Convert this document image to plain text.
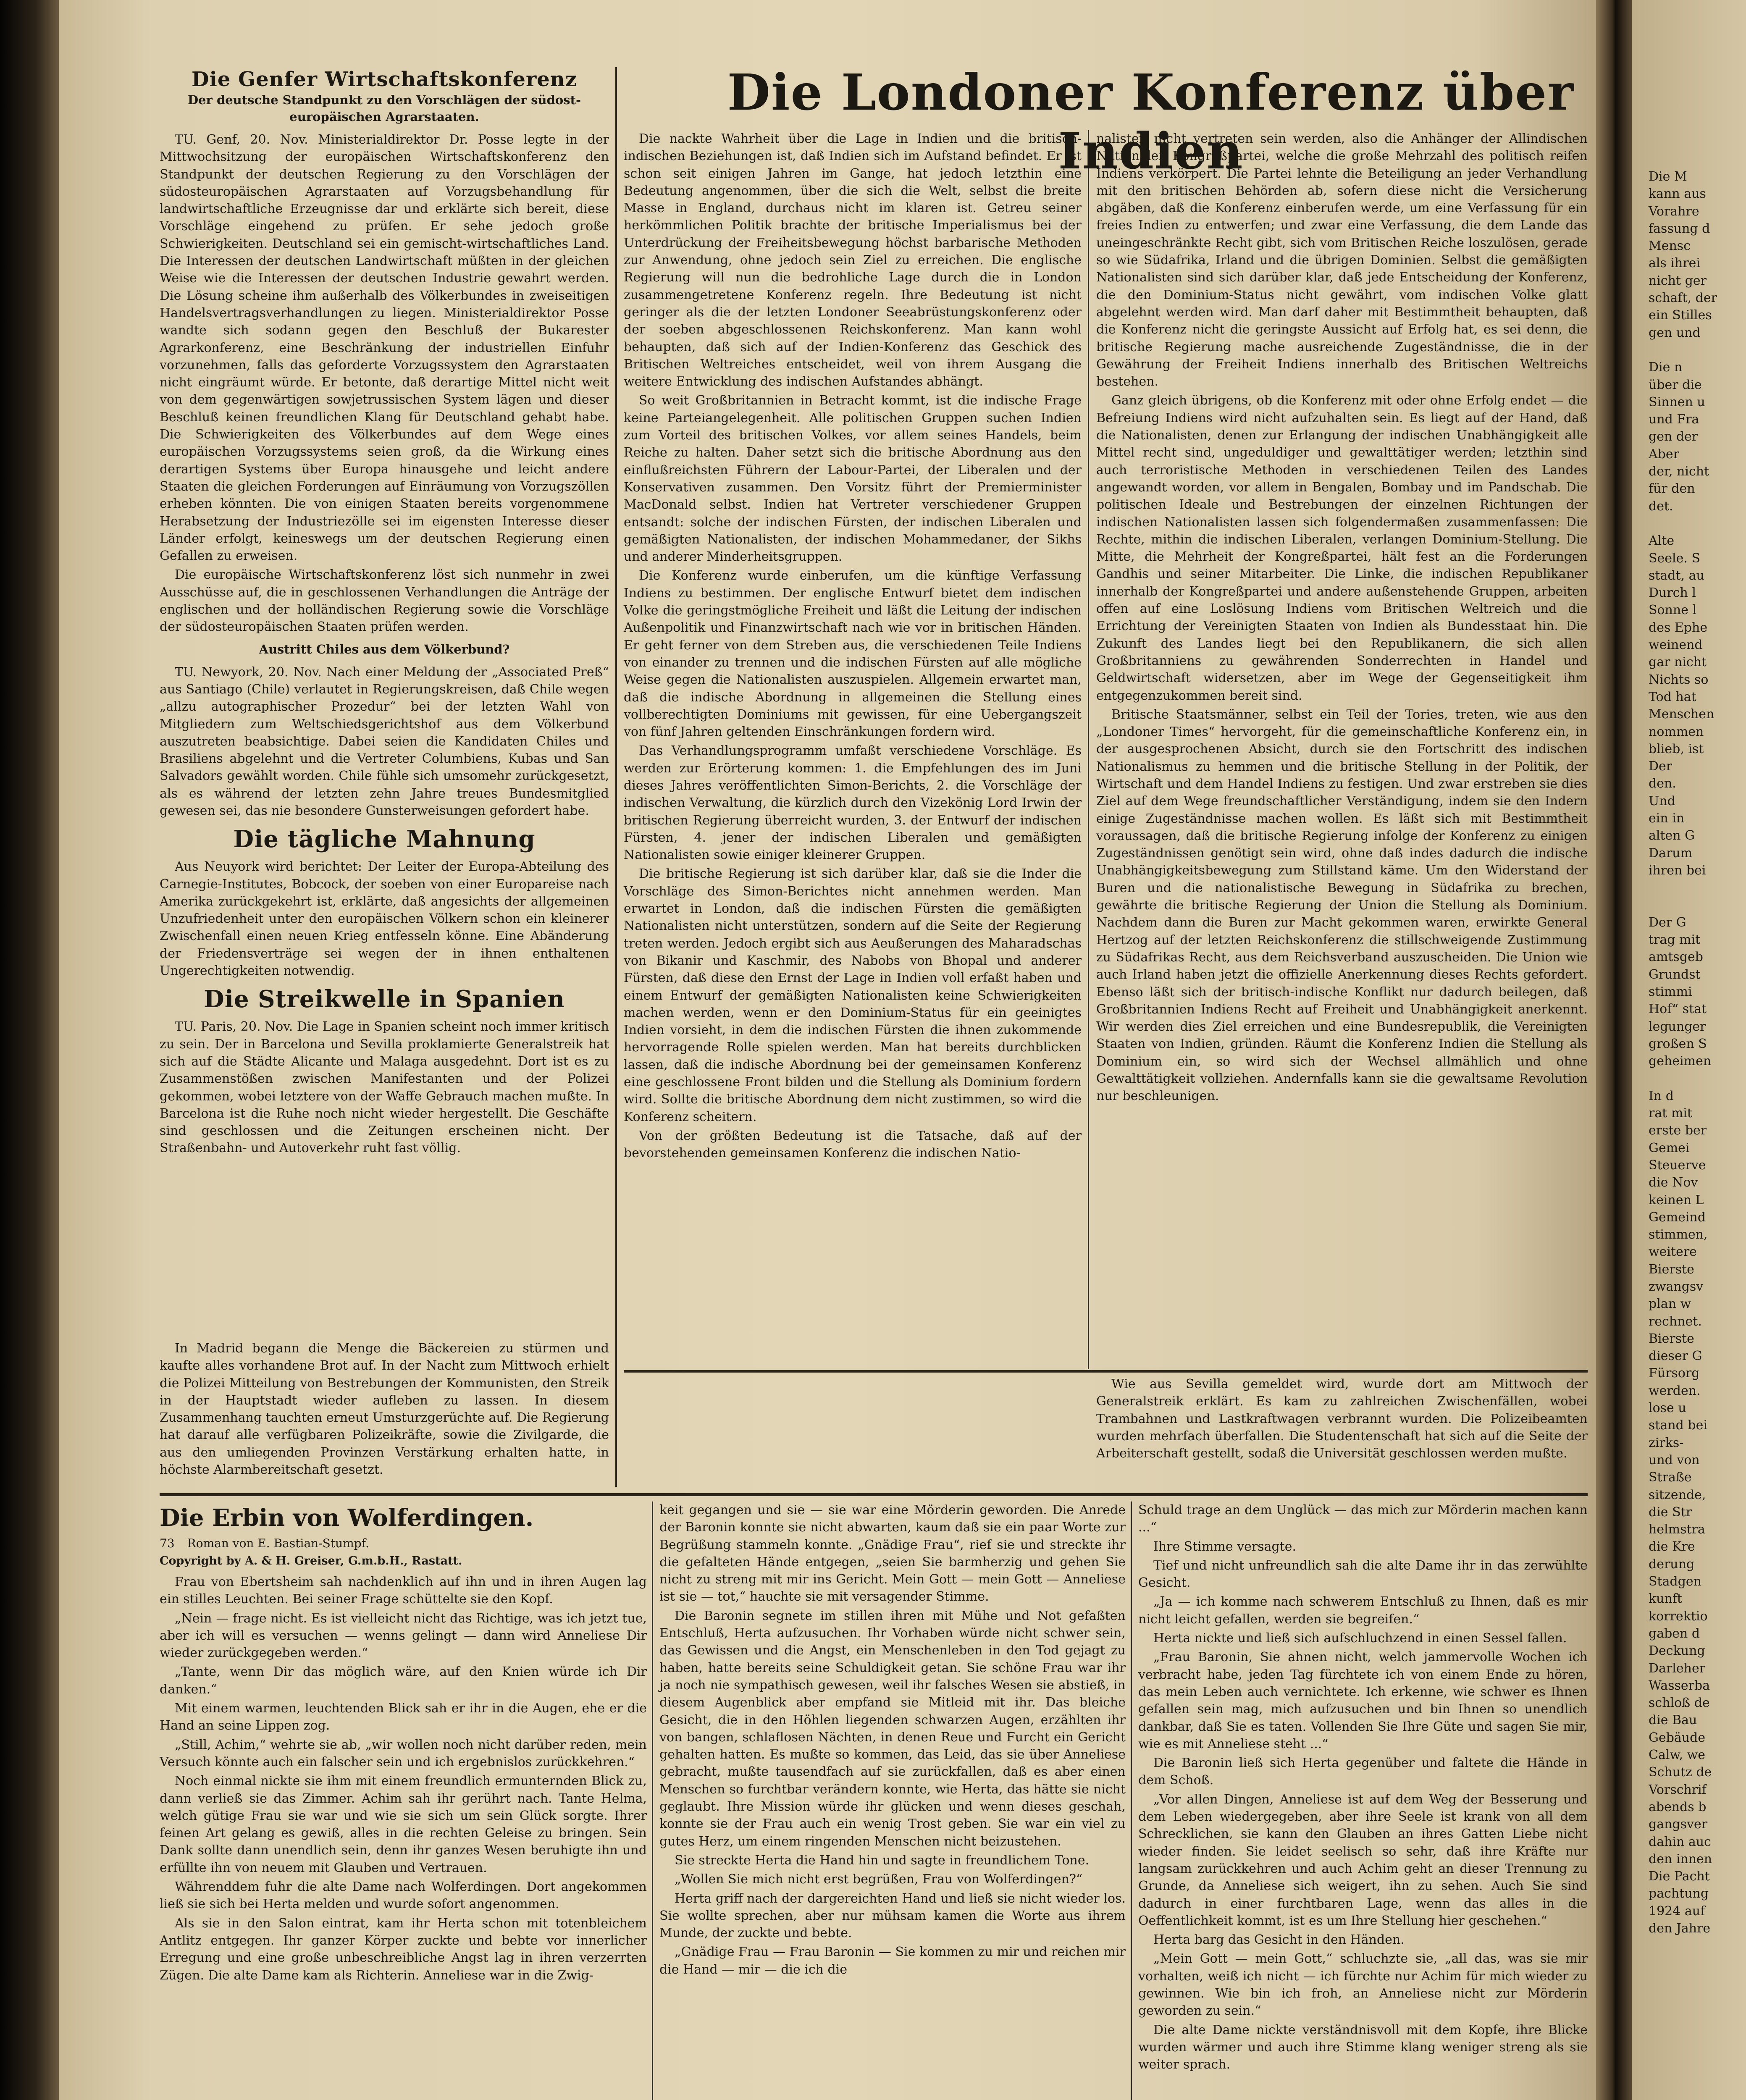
Die Genfer Wirtschaftskonferenz
Der deutsche Standpunkt zu den Vorschlägen der südost-europäischen Agrarstaaten.

TU. Genf, 20. Nov. Ministerialdirektor Dr. Posse legte in der Mittwochsitzung der europäischen Wirtschaftskonferenz den Standpunkt der deutschen Regierung zu den Vorschlägen der südosteuropäischen Agrarstaaten auf Vorzugsbehandlung für landwirtschaftliche Erzeugnisse dar und erklärte sich bereit, diese Vorschläge eingehend zu prüfen. Er sehe jedoch große Schwierigkeiten. Deutschland sei ein gemischt-wirtschaftliches Land. Die Interessen der deutschen Landwirtschaft müßten in der gleichen Weise wie die Interessen der deutschen Industrie gewahrt werden. Die Lösung scheine ihm außerhalb des Völkerbundes in zweiseitigen Handelsvertragsverhandlungen zu liegen. Ministerialdirektor Posse wandte sich sodann gegen den Beschluß der Bukarester Agrarkonferenz, eine Beschränkung der industriellen Einfuhr vorzunehmen, falls das geforderte Vorzugssystem den Agrarstaaten nicht eingräumt würde. Er betonte, daß derartige Mittel nicht weit von dem gegenwärtigen sowjetrussischen System lägen und dieser Beschluß keinen freundlichen Klang für Deutschland gehabt habe. Die Schwierigkeiten des Völkerbundes auf dem Wege eines europäischen Vorzugssystems seien groß, da die Wirkung eines derartigen Systems über Europa hinausgehe und leicht andere Staaten die gleichen Forderungen auf Einräumung von Vorzugszöllen erheben könnten. Die von einigen Staaten bereits vorgenommene Herabsetzung der Industriezölle sei im eigensten Interesse dieser Länder erfolgt, keineswegs um der deutschen Regierung einen Gefallen zu erweisen.

Die europäische Wirtschaftskonferenz löst sich nunmehr in zwei Ausschüsse auf, die in geschlossenen Verhandlungen die Anträge der englischen und der holländischen Regierung sowie die Vorschläge der südosteuropäischen Staaten prüfen werden.

Austritt Chiles aus dem Völkerbund?

TU. Newyork, 20. Nov. Nach einer Meldung der „Associated Preß“ aus Santiago (Chile) verlautet in Regierungskreisen, daß Chile wegen „allzu autographischer Prozedur“ bei der letzten Wahl von Mitgliedern zum Weltschiedsgerichtshof aus dem Völkerbund auszutreten beabsichtige. Dabei seien die Kandidaten Chiles und Brasiliens abgelehnt und die Vertreter Columbiens, Kubas und San Salvadors gewählt worden. Chile fühle sich umsomehr zurückgesetzt, als es während der letzten zehn Jahre treues Bundesmitglied gewesen sei, das nie besondere Gunsterweisungen gefordert habe.

Die tägliche Mahnung

Aus Neuyork wird berichtet: Der Leiter der Europa-Abteilung des Carnegie-Institutes, Bobcock, der soeben von einer Europareise nach Amerika zurückgekehrt ist, erklärte, daß angesichts der allgemeinen Unzufriedenheit unter den europäischen Völkern schon ein kleinerer Zwischenfall einen neuen Krieg entfesseln könne. Eine Abänderung der Friedensverträge sei wegen der in ihnen enthaltenen Ungerechtigkeiten notwendig.

Die Streikwelle in Spanien

TU. Paris, 20. Nov. Die Lage in Spanien scheint noch immer kritisch zu sein. Der in Barcelona und Sevilla proklamierte Generalstreik hat sich auf die Städte Alicante und Malaga ausgedehnt. Dort ist es zu Zusammenstößen zwischen Manifestanten und der Polizei gekommen, wobei letztere von der Waffe Gebrauch machen mußte. In Barcelona ist die Ruhe noch nicht wieder hergestellt. Die Geschäfte sind geschlossen und die Zeitungen erscheinen nicht. Der Straßenbahn- und Autoverkehr ruht fast völlig.

In Madrid begann die Menge die Bäckereien zu stürmen und kaufte alles vorhandene Brot auf. In der Nacht zum Mittwoch erhielt die Polizei Mitteilung von Bestrebungen der Kommunisten, den Streik in der Hauptstadt wieder aufleben zu lassen. In diesem Zusammenhang tauchten erneut Umsturzgerüchte auf. Die Regierung hat darauf alle verfügbaren Polizeikräfte, sowie die Zivilgarde, die aus den umliegenden Provinzen Verstärkung erhalten hatte, in höchste Alarmbereitschaft gesetzt.

Wie aus Sevilla gemeldet wird, wurde dort am Mittwoch der Generalstreik erklärt. Es kam zu zahlreichen Zwischenfällen, wobei Trambahnen und Lastkraftwagen verbrannt wurden. Die Polizeibeamten wurden mehrfach überfallen. Die Studentenschaft hat sich auf die Seite der Arbeiterschaft gestellt, sodaß die Universität geschlossen werden mußte.

Die Londoner Konferenz über Indien

Die nackte Wahrheit über die Lage in Indien und die britisch-indischen Beziehungen ist, daß Indien sich im Aufstand befindet. Er ist schon seit einigen Jahren im Gange, hat jedoch letzthin eine Bedeutung angenommen, über die sich die Welt, selbst die breite Masse in England, durchaus nicht im klaren ist. Getreu seiner herkömmlichen Politik brachte der britische Imperialismus bei der Unterdrückung der Freiheitsbewegung höchst barbarische Methoden zur Anwendung, ohne jedoch sein Ziel zu erreichen. Die englische Regierung will nun die bedrohliche Lage durch die in London zusammengetretene Konferenz regeln. Ihre Bedeutung ist nicht geringer als die der letzten Londoner Seeabrüstungskonferenz oder der soeben abgeschlossenen Reichskonferenz. Man kann wohl behaupten, daß sich auf der Indien-Konferenz das Geschick des Britischen Weltreiches entscheidet, weil von ihrem Ausgang die weitere Entwicklung des indischen Aufstandes abhängt.

So weit Großbritannien in Betracht kommt, ist die indische Frage keine Parteiangelegenheit. Alle politischen Gruppen suchen Indien zum Vorteil des britischen Volkes, vor allem seines Handels, beim Reiche zu halten. Daher setzt sich die britische Abordnung aus den einflußreichsten Führern der Labour-Partei, der Liberalen und der Konservativen zusammen. Den Vorsitz führt der Premierminister MacDonald selbst. Indien hat Vertreter verschiedener Gruppen entsandt: solche der indischen Fürsten, der indischen Liberalen und gemäßigten Nationalisten, der indischen Mohammedaner, der Sikhs und anderer Minderheitsgruppen.

Die Konferenz wurde einberufen, um die künftige Verfassung Indiens zu bestimmen. Der englische Entwurf bietet dem indischen Volke die geringstmögliche Freiheit und läßt die Leitung der indischen Außenpolitik und Finanzwirtschaft nach wie vor in britischen Händen. Er geht ferner von dem Streben aus, die verschiedenen Teile Indiens von einander zu trennen und die indischen Fürsten auf alle mögliche Weise gegen die Nationalisten auszuspielen. Allgemein erwartet man, daß die indische Abordnung in allgemeinen die Stellung eines vollberechtigten Dominiums mit gewissen, für eine Uebergangszeit von fünf Jahren geltenden Einschränkungen fordern wird.

Das Verhandlungsprogramm umfaßt verschiedene Vorschläge. Es werden zur Erörterung kommen: 1. die Empfehlungen des im Juni dieses Jahres veröffentlichten Simon-Berichts, 2. die Vorschläge der indischen Verwaltung, die kürzlich durch den Vizekönig Lord Irwin der britischen Regierung überreicht wurden, 3. der Entwurf der indischen Fürsten, 4. jener der indischen Liberalen und gemäßigten Nationalisten sowie einiger kleinerer Gruppen.

Die britische Regierung ist sich darüber klar, daß sie die Inder die Vorschläge des Simon-Berichtes nicht annehmen werden. Man erwartet in London, daß die indischen Fürsten die gemäßigten Nationalisten nicht unterstützen, sondern auf die Seite der Regierung treten werden. Jedoch ergibt sich aus Aeußerungen des Maharadschas von Bikanir und Kaschmir, des Nabobs von Bhopal und anderer Fürsten, daß diese den Ernst der Lage in Indien voll erfaßt haben und einem Entwurf der gemäßigten Nationalisten keine Schwierigkeiten machen werden, wenn er den Dominium-Status für ein geeinigtes Indien vorsieht, in dem die indischen Fürsten die ihnen zukommende hervorragende Rolle spielen werden. Man hat bereits durchblicken lassen, daß die indische Abordnung bei der gemeinsamen Konferenz eine geschlossene Front bilden und die Stellung als Dominium fordern wird. Sollte die britische Abordnung dem nicht zustimmen, so wird die Konferenz scheitern.

Von der größten Bedeutung ist die Tatsache, daß auf der bevorstehenden gemeinsamen Konferenz die indischen Natio-

nalisten nicht vertreten sein werden, also die Anhänger der Allindischen Nationalen Kongreßpartei, welche die große Mehrzahl des politisch reifen Indiens verkörpert. Die Partei lehnte die Beteiligung an jeder Verhandlung mit den britischen Behörden ab, sofern diese nicht die Versicherung abgäben, daß die Konferenz einberufen werde, um eine Verfassung für ein freies Indien zu entwerfen; und zwar eine Verfassung, die dem Lande das uneingeschränkte Recht gibt, sich vom Britischen Reiche loszulösen, gerade so wie Südafrika, Irland und die übrigen Dominien. Selbst die gemäßigten Nationalisten sind sich darüber klar, daß jede Entscheidung der Konferenz, die den Dominium-Status nicht gewährt, vom indischen Volke glatt abgelehnt werden wird. Man darf daher mit Bestimmtheit behaupten, daß die Konferenz nicht die geringste Aussicht auf Erfolg hat, es sei denn, die britische Regierung mache ausreichende Zugeständnisse, die in der Gewährung der Freiheit Indiens innerhalb des Britischen Weltreichs bestehen.

Ganz gleich übrigens, ob die Konferenz mit oder ohne Erfolg endet — die Befreiung Indiens wird nicht aufzuhalten sein. Es liegt auf der Hand, daß die Nationalisten, denen zur Erlangung der indischen Unabhängigkeit alle Mittel recht sind, ungeduldiger und gewalttätiger werden; letzthin sind auch terroristische Methoden in verschiedenen Teilen des Landes angewandt worden, vor allem in Bengalen, Bombay und im Pandschab. Die politischen Ideale und Bestrebungen der einzelnen Richtungen der indischen Nationalisten lassen sich folgendermaßen zusammenfassen: Die Rechte, mithin die indischen Liberalen, verlangen Dominium-Stellung. Die Mitte, die Mehrheit der Kongreßpartei, hält fest an die Forderungen Gandhis und seiner Mitarbeiter. Die Linke, die indischen Republikaner innerhalb der Kongreßpartei und andere außenstehende Gruppen, arbeiten offen auf eine Loslösung Indiens vom Britischen Weltreich und die Errichtung der Vereinigten Staaten von Indien als Bundesstaat hin. Die Zukunft des Landes liegt bei den Republikanern, die sich allen Großbritanniens zu gewährenden Sonderrechten in Handel und Geldwirtschaft widersetzen, aber im Wege der Gegenseitigkeit ihm entgegenzukommen bereit sind.

Britische Staatsmänner, selbst ein Teil der Tories, treten, wie aus den „Londoner Times“ hervorgeht, für die gemeinschaftliche Konferenz ein, in der ausgesprochenen Absicht, durch sie den Fortschritt des indischen Nationalismus zu hemmen und die britische Stellung in der Politik, der Wirtschaft und dem Handel Indiens zu festigen. Und zwar erstreben sie dies Ziel auf dem Wege freundschaftlicher Verständigung, indem sie den Indern einige Zugeständnisse machen wollen. Es läßt sich mit Bestimmtheit voraussagen, daß die britische Regierung infolge der Konferenz zu einigen Zugeständnissen genötigt sein wird, ohne daß indes dadurch die indische Unabhängigkeitsbewegung zum Stillstand käme. Um den Widerstand der Buren und die nationalistische Bewegung in Südafrika zu brechen, gewährte die britische Regierung der Union die Stellung als Dominium. Nachdem dann die Buren zur Macht gekommen waren, erwirkte General Hertzog auf der letzten Reichskonferenz die stillschweigende Zustimmung zu Südafrikas Recht, aus dem Reichsverband auszuscheiden. Die Union wie auch Irland haben jetzt die offizielle Anerkennung dieses Rechts gefordert. Ebenso läßt sich der britisch-indische Konflikt nur dadurch beilegen, daß Großbritannien Indiens Recht auf Freiheit und Unabhängigkeit anerkennt. Wir werden dies Ziel erreichen und eine Bundesrepublik, die Vereinigten Staaten von Indien, gründen. Räumt die Konferenz Indien die Stellung als Dominium ein, so wird sich der Wechsel allmählich und ohne Gewalttätigkeit vollziehen. Andernfalls kann sie die gewaltsame Revolution nur beschleunigen.

Die Erbin von Wolferdingen.
73 Roman von E. Bastian-Stumpf.
Copyright by A. & H. Greiser, G.m.b.H., Rastatt.

Frau von Ebertsheim sah nachdenklich auf ihn und in ihren Augen lag ein stilles Leuchten. Bei seiner Frage schüttelte sie den Kopf.

„Nein — frage nicht. Es ist vielleicht nicht das Richtige, was ich jetzt tue, aber ich will es versuchen — wenns gelingt — dann wird Anneliese Dir wieder zurückgegeben werden.“

„Tante, wenn Dir das möglich wäre, auf den Knien würde ich Dir danken.“

Mit einem warmen, leuchtenden Blick sah er ihr in die Augen, ehe er die Hand an seine Lippen zog.

„Still, Achim,“ wehrte sie ab, „wir wollen noch nicht darüber reden, mein Versuch könnte auch ein falscher sein und ich ergebnislos zurückkehren.“

Noch einmal nickte sie ihm mit einem freundlich ermunternden Blick zu, dann verließ sie das Zimmer. Achim sah ihr gerührt nach. Tante Helma, welch gütige Frau sie war und wie sie sich um sein Glück sorgte. Ihrer feinen Art gelang es gewiß, alles in die rechten Geleise zu bringen. Sein Dank sollte dann unendlich sein, denn ihr ganzes Wesen beruhigte ihn und erfüllte ihn von neuem mit Glauben und Vertrauen.

Währenddem fuhr die alte Dame nach Wolferdingen. Dort angekommen ließ sie sich bei Herta melden und wurde sofort angenommen.

Als sie in den Salon eintrat, kam ihr Herta schon mit totenbleichem Antlitz entgegen. Ihr ganzer Körper zuckte und bebte vor innerlicher Erregung und eine große unbeschreibliche Angst lag in ihren verzerrten Zügen. Die alte Dame kam als Richterin. Anneliese war in die Zwig-

keit gegangen und sie — sie war eine Mörderin geworden. Die Anrede der Baronin konnte sie nicht abwarten, kaum daß sie ein paar Worte zur Begrüßung stammeln konnte. „Gnädige Frau“, rief sie und streckte ihr die gefalteten Hände entgegen, „seien Sie barmherzig und gehen Sie nicht zu streng mit mir ins Gericht. Mein Gott — mein Gott — Anneliese ist sie — tot,“ hauchte sie mit versagender Stimme.

Die Baronin segnete im stillen ihren mit Mühe und Not gefaßten Entschluß, Herta aufzusuchen. Ihr Vorhaben würde nicht schwer sein, das Gewissen und die Angst, ein Menschenleben in den Tod gejagt zu haben, hatte bereits seine Schuldigkeit getan. Sie schöne Frau war ihr ja noch nie sympathisch gewesen, weil ihr falsches Wesen sie abstieß, in diesem Augenblick aber empfand sie Mitleid mit ihr. Das bleiche Gesicht, die in den Höhlen liegenden schwarzen Augen, erzählten ihr von bangen, schlaflosen Nächten, in denen Reue und Furcht ein Gericht gehalten hatten. Es mußte so kommen, das Leid, das sie über Anneliese gebracht, mußte tausendfach auf sie zurückfallen, daß es aber einen Menschen so furchtbar verändern konnte, wie Herta, das hätte sie nicht geglaubt. Ihre Mission würde ihr glücken und wenn dieses geschah, konnte sie der Frau auch ein wenig Trost geben. Sie war ein viel zu gutes Herz, um einem ringenden Menschen nicht beizustehen.

Sie streckte Herta die Hand hin und sagte in freundlichem Tone.

„Wollen Sie mich nicht erst begrüßen, Frau von Wolferdingen?“

Herta griff nach der dargereichten Hand und ließ sie nicht wieder los. Sie wollte sprechen, aber nur mühsam kamen die Worte aus ihrem Munde, der zuckte und bebte.

„Gnädige Frau — Frau Baronin — Sie kommen zu mir und reichen mir die Hand — mir — die ich die

Schuld trage an dem Unglück — das mich zur Mörderin machen kann ...“

Ihre Stimme versagte.

Tief und nicht unfreundlich sah die alte Dame ihr in das zerwühlte Gesicht.

„Ja — ich komme nach schwerem Entschluß zu Ihnen, daß es mir nicht leicht gefallen, werden sie begreifen.“

Herta nickte und ließ sich aufschluchzend in einen Sessel fallen.

„Frau Baronin, Sie ahnen nicht, welch jammervolle Wochen ich verbracht habe, jeden Tag fürchtete ich von einem Ende zu hören, das mein Leben auch vernichtete. Ich erkenne, wie schwer es Ihnen gefallen sein mag, mich aufzusuchen und bin Ihnen so unendlich dankbar, daß Sie es taten. Vollenden Sie Ihre Güte und sagen Sie mir, wie es mit Anneliese steht ...“

Die Baronin ließ sich Herta gegenüber und faltete die Hände in dem Schoß.

„Vor allen Dingen, Anneliese ist auf dem Weg der Besserung und dem Leben wiedergegeben, aber ihre Seele ist krank von all dem Schrecklichen, sie kann den Glauben an ihres Gatten Liebe nicht wieder finden. Sie leidet seelisch so sehr, daß ihre Kräfte nur langsam zurückkehren und auch Achim geht an dieser Trennung zu Grunde, da Anneliese sich weigert, ihn zu sehen. Auch Sie sind dadurch in einer furchtbaren Lage, wenn das alles in die Oeffentlichkeit kommt, ist es um Ihre Stellung hier geschehen.“

Herta barg das Gesicht in den Händen.

„Mein Gott — mein Gott,“ schluchzte sie, „all das, was sie mir vorhalten, weiß ich nicht — ich fürchte nur Achim für mich wieder zu gewinnen. Wie bin ich froh, an Anneliese nicht zur Mörderin geworden zu sein.“

Die alte Dame nickte verständnisvoll mit dem Kopfe, ihre Blicke wurden wärmer und auch ihre Stimme klang weniger streng als sie weiter sprach.

Die M

kann aus

Vorahre

fassung d

Mensc

als ihrei

nicht ger

schaft, der

ein Stilles

gen und

Die n

über die

Sinnen u

und Fra

gen der

Aber

der, nicht

für den

det.

Alte

Seele. S

stadt, au

Durch l

Sonne l

des Ephe

weinend

gar nicht

Nichts so

Tod hat

Menschen

nommen

blieb, ist

Der

den.

Und

ein in

alten G

Darum

ihren bei

Der G

trag mit

amtsgeb

Grundst

stimmi

Hof“ stat

legunger

großen S

geheimen

In d

rat mit

erste ber

Gemei

Steuerve

die Nov

keinen L

Gemeind

stimmen,

weitere

Bierste

zwangsv

plan w

rechnet.

Bierste

dieser G

Fürsorg

werden.

lose u

stand bei

zirks-

und von

Straße

sitzende,

die Str

helmstra

die Kre

derung

Stadgen

kunft

korrektio

gaben d

Deckung

Darleher

Wasserba

schloß de

die Bau

Gebäude

Calw, we

Schutz de

Vorschrif

abends b

gangsver

dahin auc

den innen

Die Pacht

pachtung

1924 auf

den Jahre
